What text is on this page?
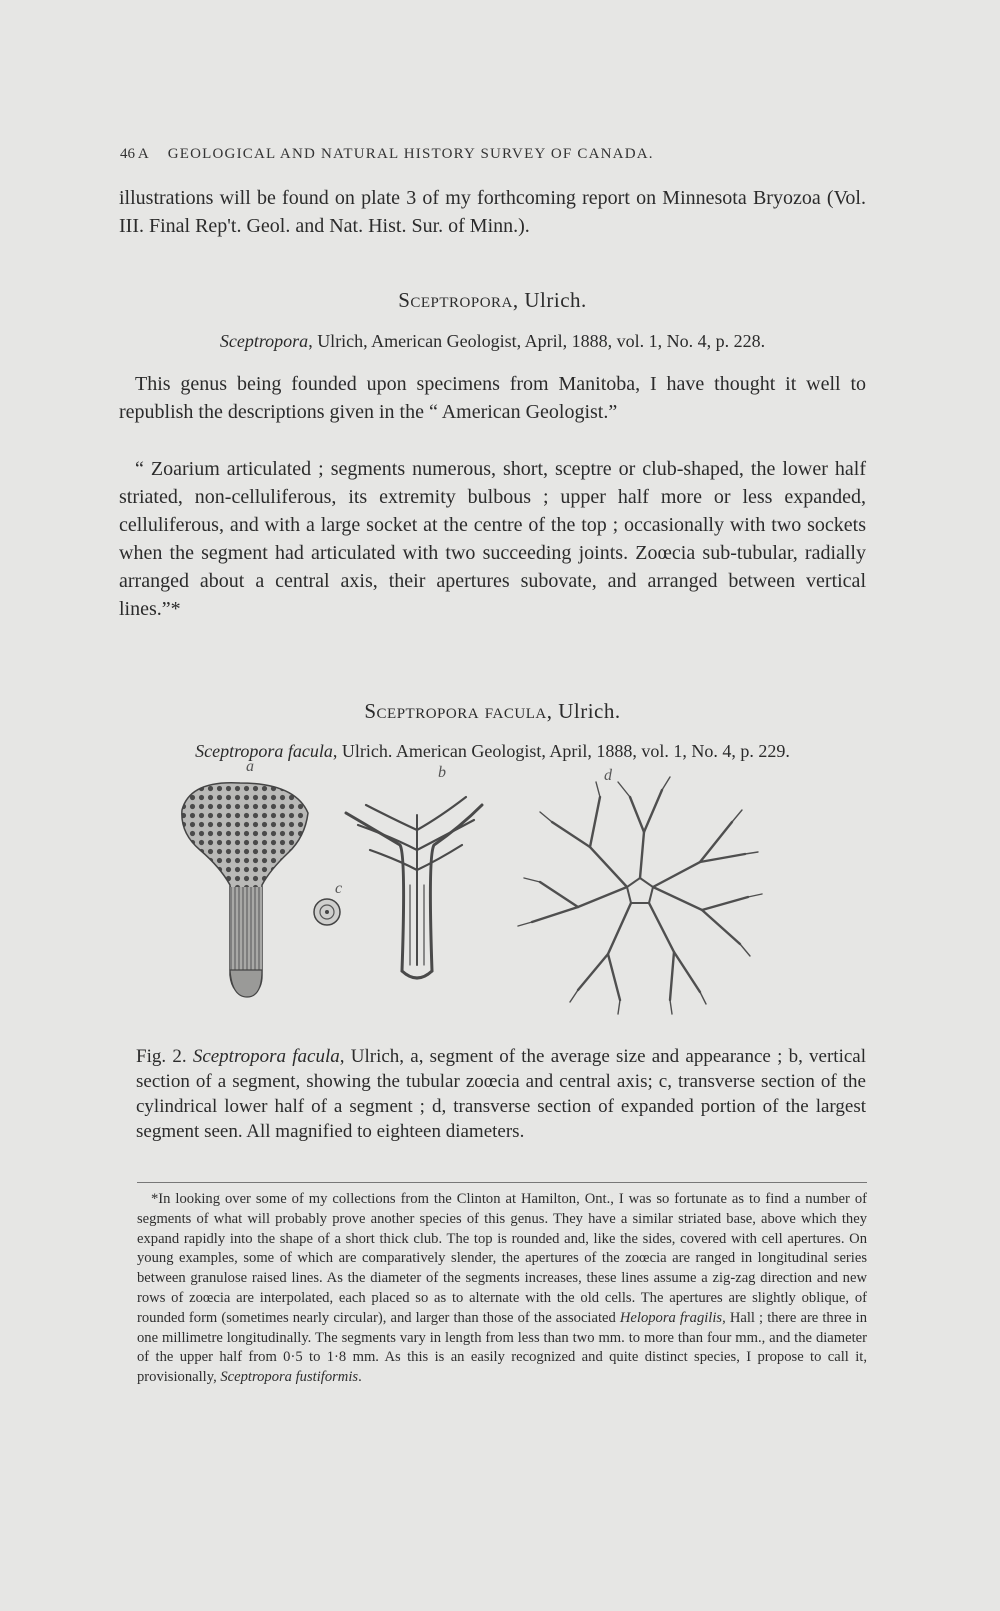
46 A GEOLOGICAL AND NATURAL HISTORY SURVEY OF CANADA.

illustrations will be found on plate 3 of my forthcoming report on Minnesota Bryozoa (Vol. III. Final Rep't. Geol. and Nat. Hist. Sur. of Minn.).

Sceptropora, Ulrich.

Sceptropora, Ulrich, American Geologist, April, 1888, vol. 1, No. 4, p. 228.

This genus being founded upon specimens from Manitoba, I have thought it well to republish the descriptions given in the “ American Geologist.”

“ Zoarium articulated ; segments numerous, short, sceptre or club-shaped, the lower half striated, non-celluliferous, its extremity bulbous ; upper half more or less expanded, celluliferous, and with a large socket at the centre of the top ; occasionally with two sockets when the segment had articulated with two succeeding joints. Zoœcia sub-tubular, radially arranged about a central axis, their apertures subovate, and arranged between vertical lines.”*

Sceptropora facula, Ulrich.

Sceptropora facula, Ulrich. American Geologist, April, 1888, vol. 1, No. 4, p. 229.

a
c
b	d

Fig. 2. Sceptropora facula, Ulrich, a, segment of the average size and appearance ; b, vertical section of a segment, showing the tubular zoœcia and central axis; c, transverse section of the cylindrical lower half of a segment ; d, transverse section of expanded portion of the largest segment seen. All magnified to eighteen diameters.

*In looking over some of my collections from the Clinton at Hamilton, Ont., I was so fortunate as to find a number of segments of what will probably prove another species of this genus. They have a similar striated base, above which they expand rapidly into the shape of a short thick club. The top is rounded and, like the sides, covered with cell apertures. On young examples, some of which are comparatively slender, the apertures of the zoœcia are ranged in longitudinal series between granulose raised lines. As the diameter of the segments increases, these lines assume a zig-zag direction and new rows of zoœcia are interpolated, each placed so as to alternate with the old cells. The apertures are slightly oblique, of rounded form (sometimes nearly circular), and larger than those of the associated Helopora fragilis, Hall ; there are three in one millimetre longitudinally. The segments vary in length from less than two mm. to more than four mm., and the diameter of the upper half from 0·5 to 1·8 mm. As this is an easily recognized and quite distinct species, I propose to call it, provisionally, Sceptropora fustiformis.
